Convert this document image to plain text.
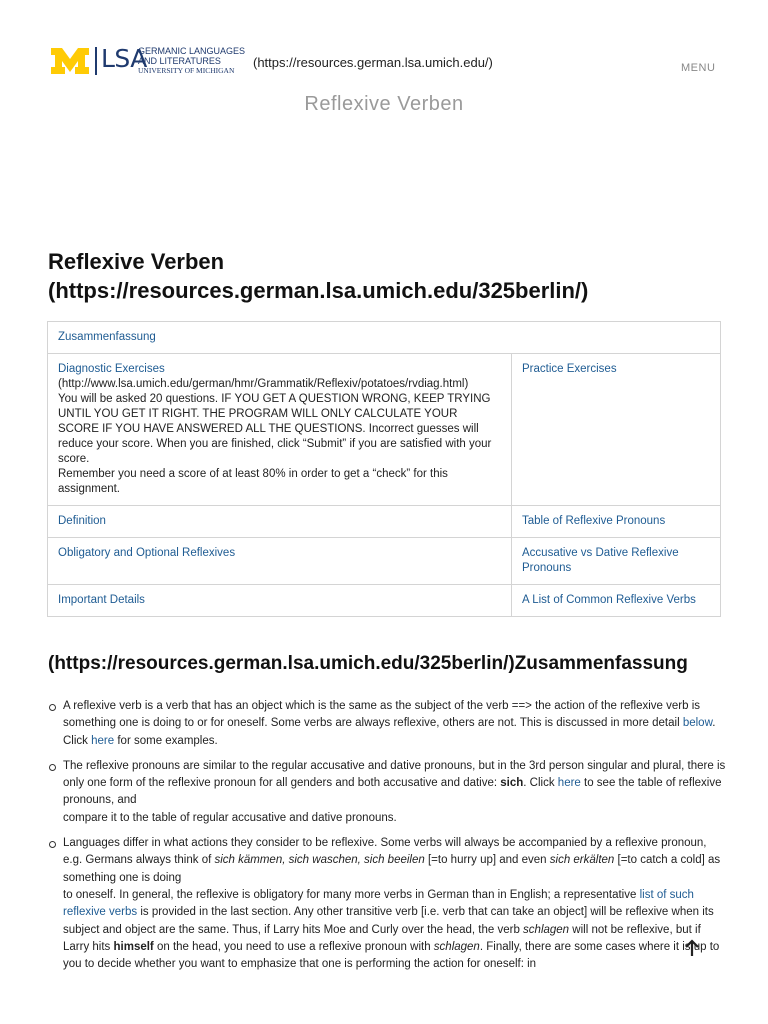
LSA
GERMANIC LANGUAGES
AND LITERATURES
UNIVERSITY OF MICHIGAN
(https://resources.german.lsa.umich.edu/)	MENU
Reflexive Verben
Reflexive Verben
(https://resources.german.lsa.umich.edu/325berlin/)
Zusammenfassung	

Diagnostic Exercises
(http://www.lsa.umich.edu/german/hmr/Grammatik/Reflexiv/potatoes/rvdiag.html)
You will be asked 20 questions. IF YOU GET A QUESTION WRONG, KEEP TRYING UNTIL YOU GET IT RIGHT. THE PROGRAM WILL ONLY CALCULATE YOUR SCORE IF YOU HAVE ANSWERED ALL THE QUESTIONS. Incorrect guesses will reduce your score. When you are finished, click “Submit” if you are satisfied with your score.
Remember you need a score of at least 80% in order to get a “check” for this assignment.	Practice Exercises
Definition	Table of Reflexive Pronouns
Obligatory and Optional Reflexives	Accusative vs Dative Reflexive Pronouns
Important Details	A List of Common Reflexive Verbs
(https://resources.german.lsa.umich.edu/325berlin/)Zusammenfassung
A reflexive verb is a verb that has an object which is the same as the subject of the verb ==> the action of the reflexive verb is something one is doing to or for oneself. Some verbs are always reflexive, others are not. This is discussed in more detail below. Click here for some examples.
The reflexive pronouns are similar to the regular accusative and dative pronouns, but in the 3rd person singular and plural, there is only one form of the reflexive pronoun for all genders and both accusative and dative: sich. Click here to see the table of reflexive pronouns, and
compare it to the table of regular accusative and dative pronouns.
Languages differ in what actions they consider to be reflexive. Some verbs will always be accompanied by a reflexive pronoun, e.g. Germans always think of sich kämmen, sich waschen, sich beeilen [=to hurry up] and even sich erkälten [=to catch a cold] as something one is doing
to oneself. In general, the reflexive is obligatory for many more verbs in German than in English; a representative list of such reflexive verbs is provided in the last section. Any other transitive verb [i.e. verb that can take an object] will be reflexive when its subject and object are the same. Thus, if Larry hits Moe and Curly over the head, the verb schlagen will not be reflexive, but if Larry hits himself on the head, you need to use a reflexive pronoun with schlagen. Finally, there are some cases where it is up to you to decide whether you want to emphasize that one is performing the action for oneself: in
